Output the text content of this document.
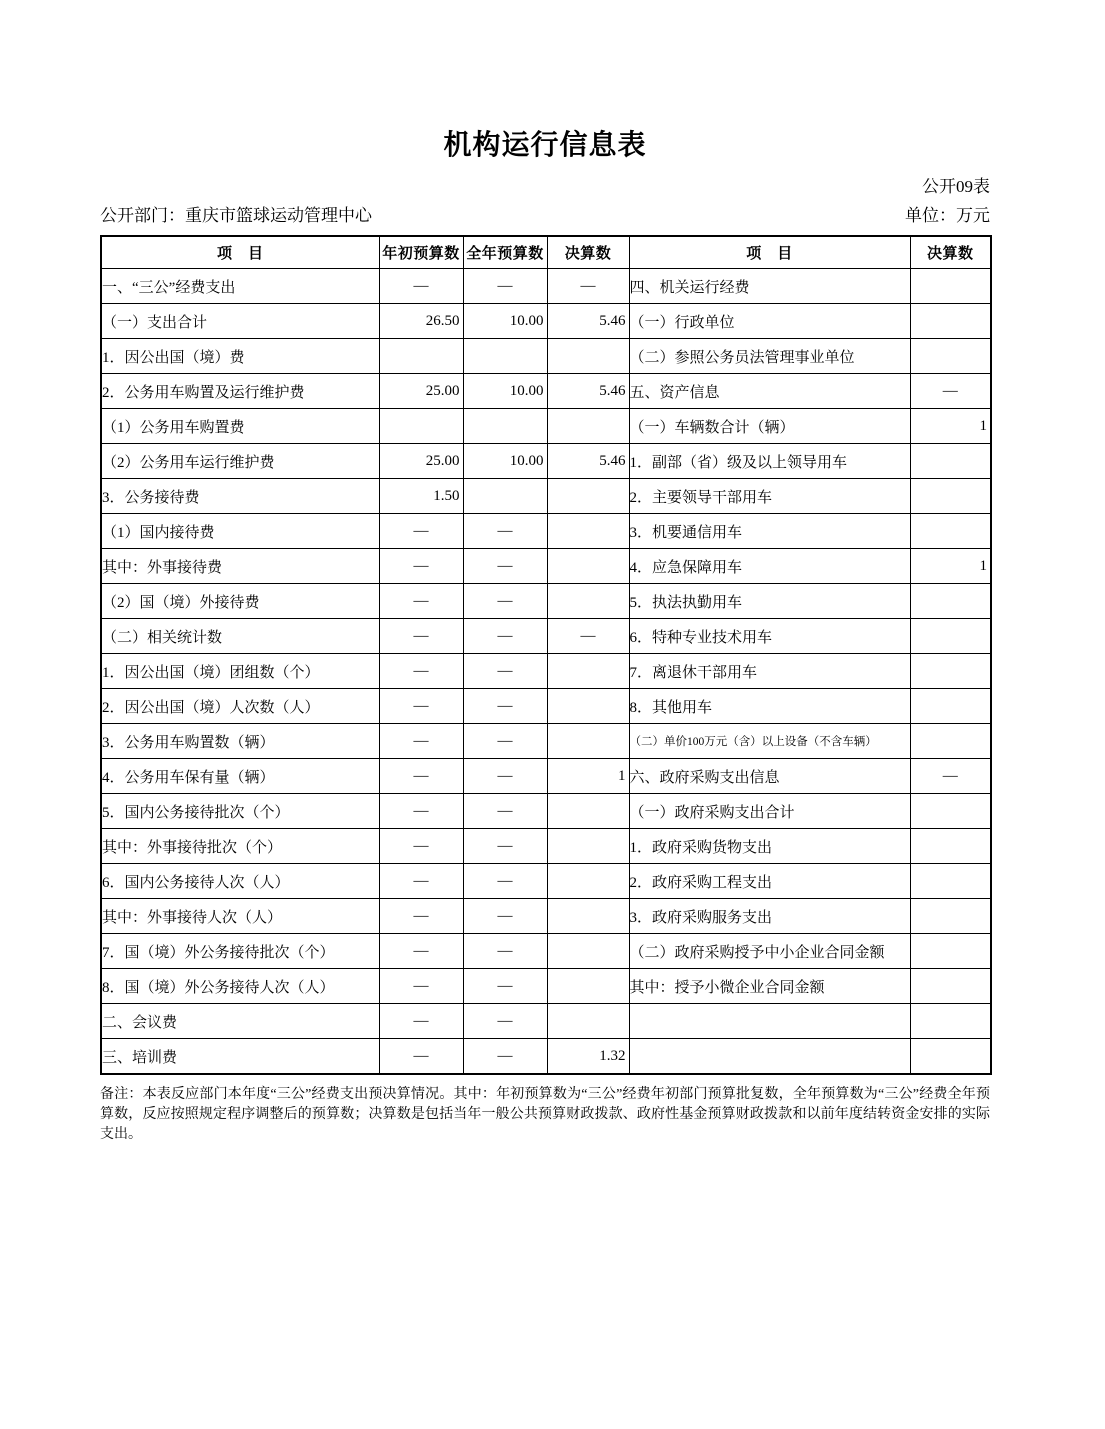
机构运行信息表
公开09表
公开部门：重庆市篮球运动管理中心	单位：万元
项　目	年初预算数	全年预算数	决算数	项　目	决算数
一、“三公”经费支出	—	—	—	四、机关运行经费	
（一）支出合计	26.50	10.00	5.46	（一）行政单位	
1．因公出国（境）费				（二）参照公务员法管理事业单位	
2．公务用车购置及运行维护费	25.00	10.00	5.46	五、资产信息	—
（1）公务用车购置费				（一）车辆数合计（辆）	1
（2）公务用车运行维护费	25.00	10.00	5.46	1．副部（省）级及以上领导用车	
3．公务接待费	1.50			2．主要领导干部用车	
（1）国内接待费	—	—		3．机要通信用车	
其中：外事接待费	—	—		4．应急保障用车	1
（2）国（境）外接待费	—	—		5．执法执勤用车	
（二）相关统计数	—	—	—	6．特种专业技术用车	
1．因公出国（境）团组数（个）	—	—		7．离退休干部用车	
2．因公出国（境）人次数（人）	—	—		8．其他用车	
3．公务用车购置数（辆）	—	—		（二）单价100万元（含）以上设备（不含车辆）	
4．公务用车保有量（辆）	—	—	1	六、政府采购支出信息	—
5．国内公务接待批次（个）	—	—		（一）政府采购支出合计	
其中：外事接待批次（个）	—	—		1．政府采购货物支出	
6．国内公务接待人次（人）	—	—		2．政府采购工程支出	
其中：外事接待人次（人）	—	—		3．政府采购服务支出	
7．国（境）外公务接待批次（个）	—	—		（二）政府采购授予中小企业合同金额	
8．国（境）外公务接待人次（人）	—	—		其中：授予小微企业合同金额	
二、会议费	—	—			
三、培训费	—	—	1.32		

备注：本表反应部门本年度“三公”经费支出预决算情况。其中：年初预算数为“三公”经费年初部门预算批复数，全年预算数为“三公”经费全年预算数，反应按照规定程序调整后的预算数；决算数是包括当年一般公共预算财政拨款、政府性基金预算财政拨款和以前年度结转资金安排的实际支出。
